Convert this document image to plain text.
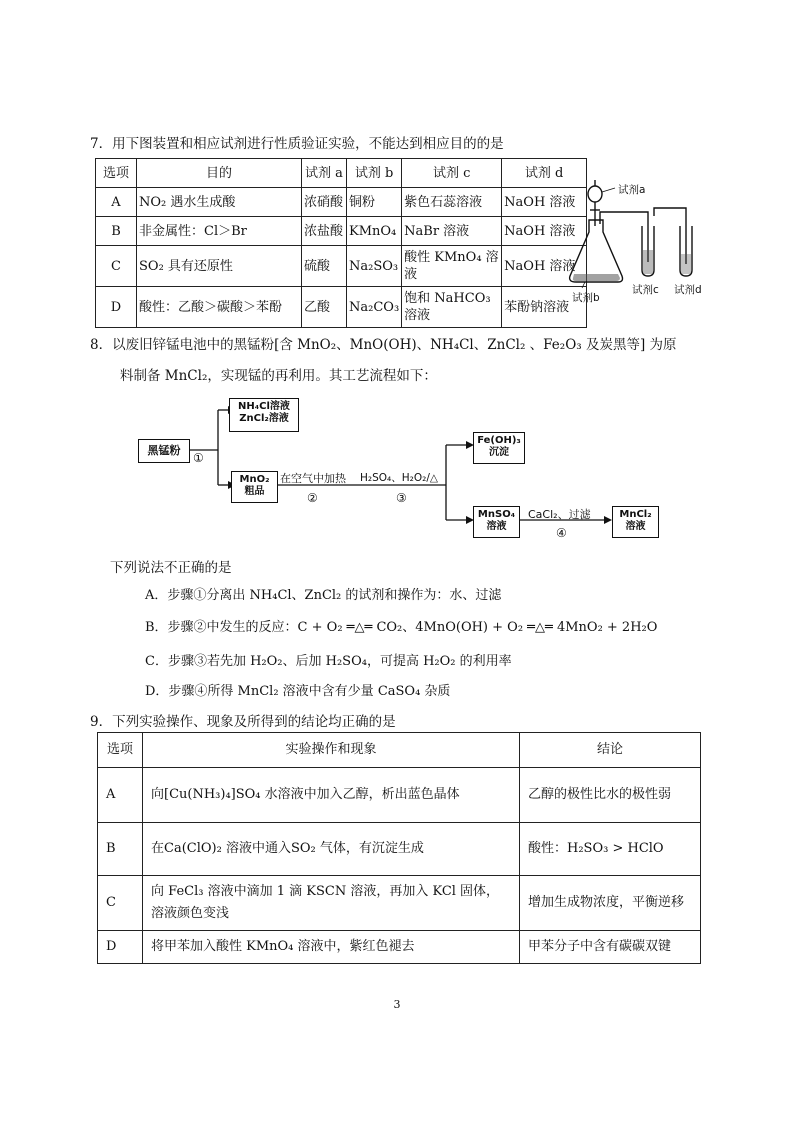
7．用下图装置和相应试剂进行性质验证实验，不能达到相应目的的是
选项	目的	试剂 a	试剂 b	试剂 c	试剂 d
A	NO₂ 遇水生成酸	浓硝酸	铜粉	紫色石蕊溶液	NaOH 溶液
B	非金属性：Cl＞Br	浓盐酸	KMnO₄	NaBr 溶液	NaOH 溶液
C	SO₂ 具有还原性	硫酸	Na₂SO₃	酸性 KMnO₄ 溶液	NaOH 溶液
D	酸性：乙酸＞碳酸＞苯酚	乙酸	Na₂CO₃	饱和 NaHCO₃ 溶液	苯酚钠溶液
试剂a
试剂b
试剂c 试剂d
8．以废旧锌锰电池中的黑锰粉[含 MnO₂、MnO(OH)、NH₄Cl、ZnCl₂ 、Fe₂O₃ 及炭黑等] 为原
料制备 MnCl₂，实现锰的再利用。其工艺流程如下：
黑锰粉
NH₄Cl溶液
ZnCl₂溶液
MnO₂
粗品
Fe(OH)₃
沉淀
MnSO₄
溶液
MnCl₂
溶液
在空气中加热 H₂SO₄、H₂O₂/△
CaCl₂、过滤
①
②	③
④
下列说法不正确的是
A．步骤①分离出 NH₄Cl、ZnCl₂ 的试剂和操作为：水、过滤
B．步骤②中发生的反应：C + O₂ ═△═ CO₂、4MnO(OH) + O₂ ═△═ 4MnO₂ + 2H₂O
C．步骤③若先加 H₂O₂、后加 H₂SO₄，可提高 H₂O₂ 的利用率
D．步骤④所得 MnCl₂ 溶液中含有少量 CaSO₄ 杂质
9．下列实验操作、现象及所得到的结论均正确的是
选项	实验操作和现象	结论
A	向[Cu(NH₃)₄]SO₄ 水溶液中加入乙醇，析出蓝色晶体	乙醇的极性比水的极性弱
B	在Ca(ClO)₂ 溶液中通入SO₂ 气体，有沉淀生成	酸性：H₂SO₃ > HClO
C	向 FeCl₃ 溶液中滴加 1 滴 KSCN 溶液，再加入 KCl 固体，溶液颜色变浅	增加生成物浓度，平衡逆移
D	将甲苯加入酸性 KMnO₄ 溶液中，紫红色褪去	甲苯分子中含有碳碳双键
3
